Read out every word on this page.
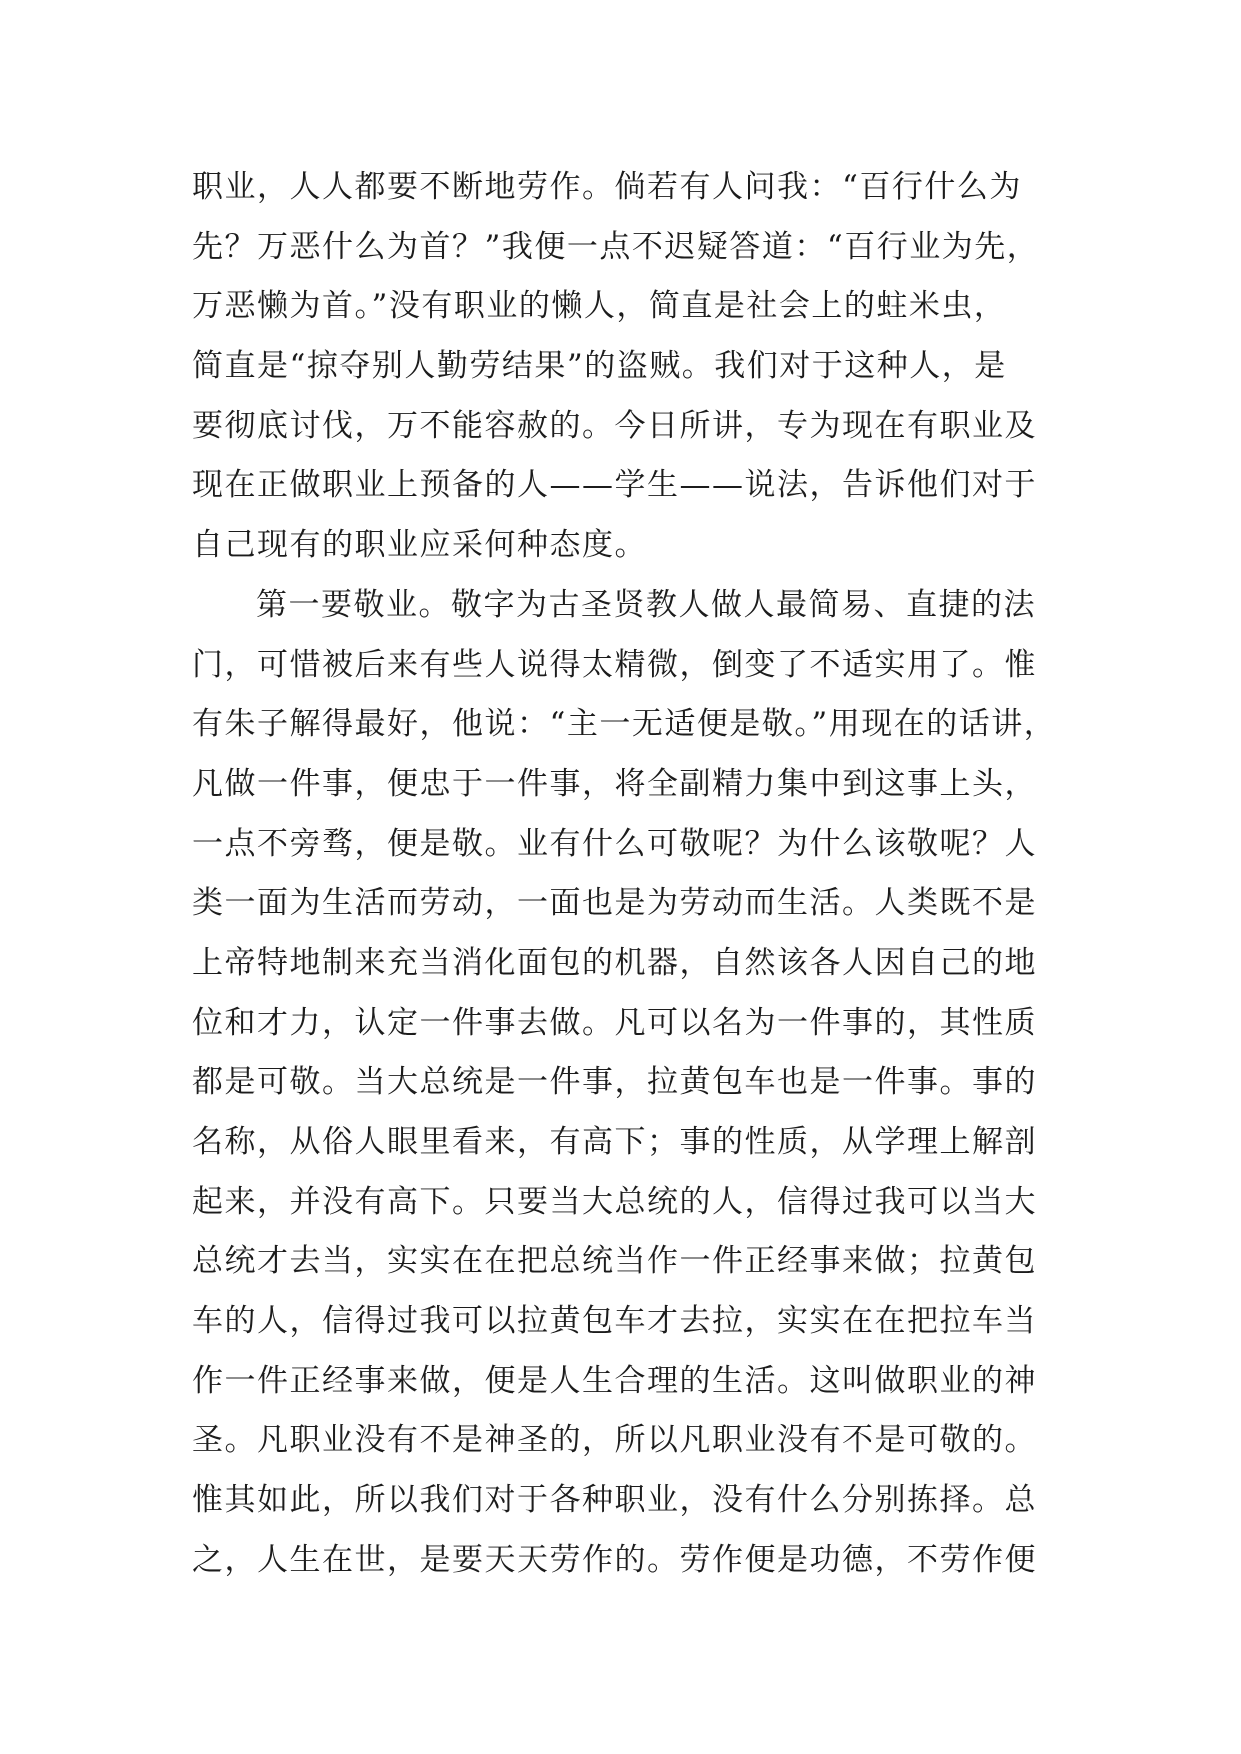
职业，人人都要不断地劳作。倘若有人问我：“百行什么为
先？万恶什么为首？”我便一点不迟疑答道：“百行业为先，
万恶懒为首。”没有职业的懒人，简直是社会上的蛀米虫，
简直是“掠夺别人勤劳结果”的盗贼。我们对于这种人，是
要彻底讨伐，万不能容赦的。今日所讲，专为现在有职业及
现在正做职业上预备的人——学生——说法，告诉他们对于
自己现有的职业应采何种态度。
第一要敬业。敬字为古圣贤教人做人最简易、直捷的法
门，可惜被后来有些人说得太精微，倒变了不适实用了。惟
有朱子解得最好，他说：“主一无适便是敬。”用现在的话讲，
凡做一件事，便忠于一件事，将全副精力集中到这事上头，
一点不旁骛，便是敬。业有什么可敬呢？为什么该敬呢？人
类一面为生活而劳动，一面也是为劳动而生活。人类既不是
上帝特地制来充当消化面包的机器，自然该各人因自己的地
位和才力，认定一件事去做。凡可以名为一件事的，其性质
都是可敬。当大总统是一件事，拉黄包车也是一件事。事的
名称，从俗人眼里看来，有高下；事的性质，从学理上解剖
起来，并没有高下。只要当大总统的人，信得过我可以当大
总统才去当，实实在在把总统当作一件正经事来做；拉黄包
车的人，信得过我可以拉黄包车才去拉，实实在在把拉车当
作一件正经事来做，便是人生合理的生活。这叫做职业的神
圣。凡职业没有不是神圣的，所以凡职业没有不是可敬的。
惟其如此，所以我们对于各种职业，没有什么分别拣择。总
之，人生在世，是要天天劳作的。劳作便是功德，不劳作便
